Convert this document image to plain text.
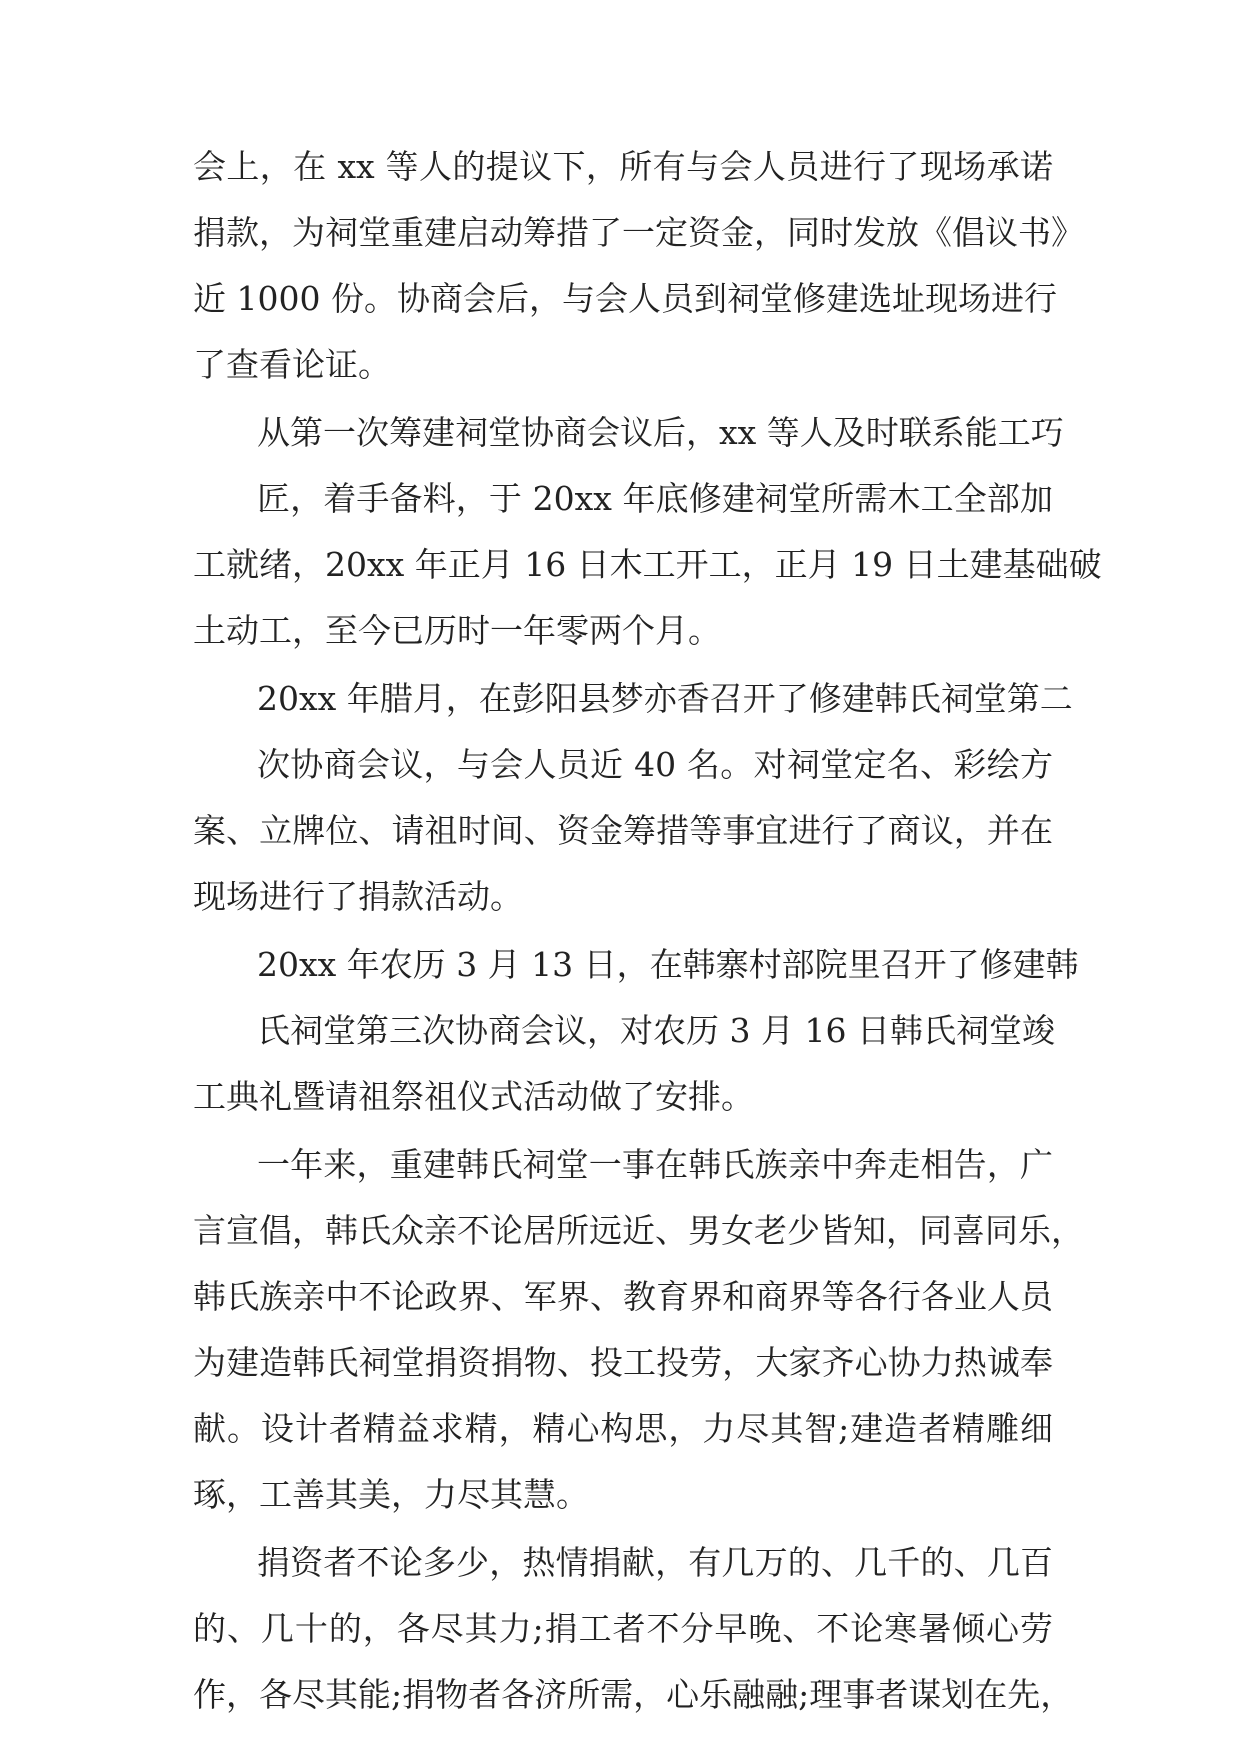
会上，在 xx 等人的提议下，所有与会人员进行了现场承诺
捐款，为祠堂重建启动筹措了一定资金，同时发放《倡议书》
近 1000 份。协商会后，与会人员到祠堂修建选址现场进行
了查看论证。
从第一次筹建祠堂协商会议后，xx 等人及时联系能工巧
匠，着手备料，于 20xx 年底修建祠堂所需木工全部加
工就绪，20xx 年正月 16 日木工开工，正月 19 日土建基础破
土动工，至今已历时一年零两个月。
20xx 年腊月，在彭阳县梦亦香召开了修建韩氏祠堂第二
次协商会议，与会人员近 40 名。对祠堂定名、彩绘方
案、立牌位、请祖时间、资金筹措等事宜进行了商议，并在
现场进行了捐款活动。
20xx 年农历 3 月 13 日，在韩寨村部院里召开了修建韩
氏祠堂第三次协商会议，对农历 3 月 16 日韩氏祠堂竣
工典礼暨请祖祭祖仪式活动做了安排。
一年来，重建韩氏祠堂一事在韩氏族亲中奔走相告，广
言宣倡，韩氏众亲不论居所远近、男女老少皆知，同喜同乐，
韩氏族亲中不论政界、军界、教育界和商界等各行各业人员
为建造韩氏祠堂捐资捐物、投工投劳，大家齐心协力热诚奉
献。设计者精益求精，精心构思，力尽其智;建造者精雕细
琢，工善其美，力尽其慧。
捐资者不论多少，热情捐献，有几万的、几千的、几百
的、几十的，各尽其力;捐工者不分早晚、不论寒暑倾心劳
作，各尽其能;捐物者各济所需，心乐融融;理事者谋划在先，
